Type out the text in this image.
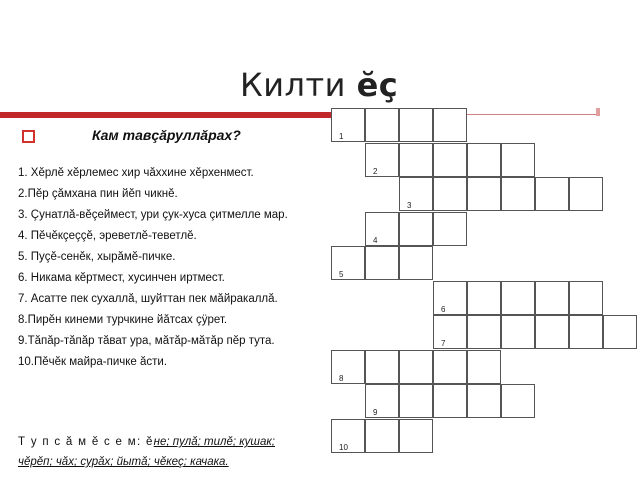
Килти ĕç
Кам тавçăруллăрах?
1. Хĕрлĕ хĕрлемес хир чăххине хĕрхенмест.
2.Пĕр çăмхана пин йĕп чикнĕ.
3. Çунатлă-вĕçеймест, ури çук-хуса çитмелле мар.
4. Пĕчĕкçеççĕ, эреветлĕ-теветлĕ.
5. Пуçĕ-сенĕк, хырăмĕ-пичке.
6. Никама кĕртмест, хусинчен иртмест.
7. Асатте пек сухаллă, шуйттан пек мăйракаллă.
8.Пирĕн кинеми турчкине йăтсах çÿрет.
9.Тăпăр-тăпăр тăват ура, мăтăр-мăтăр пĕр тута.
10.Пĕчĕк майра-пичке ăсти.
Т у п с ă м ĕ с е м: ĕне; пулă; тилĕ; кушак;
чĕрĕп; чăх; сурăх; йытă; чĕкеç; качака.
1
2
3
4
5
6
7
8
9
10
